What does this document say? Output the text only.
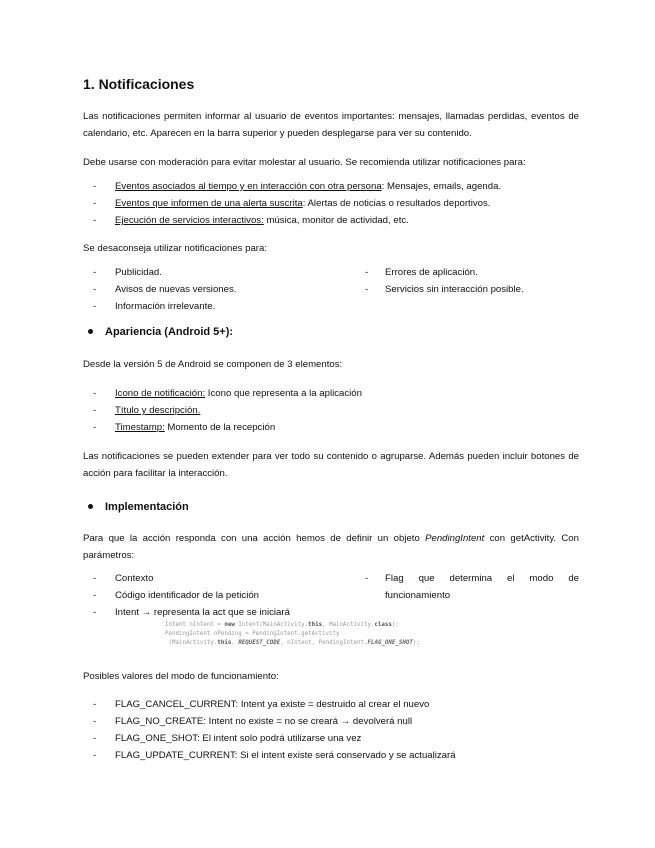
1. Notificaciones

Las notificaciones permiten informar al usuario de eventos importantes: mensajes, llamadas perdidas, eventos de calendario, etc. Aparecen en la barra superior y pueden desplegarse para ver su contenido.

Debe usarse con moderación para evitar molestar al usuario. Se recomienda utilizar notificaciones para:

- Eventos asociados al tiempo y en interacción con otra persona: Mensajes, emails, agenda.
- Eventos que informen de una alerta suscrita: Alertas de noticias o resultados deportivos.
- Ejecución de servicios interactivos: música, monitor de actividad, etc.

Se desaconseja utilizar notificaciones para:

- Publicidad.
- Avisos de nuevas versiones.
- Información irrelevante.
- Errores de aplicación.
- Servicios sin interacción posible.
Apariencia (Android 5+):

Desde la versión 5 de Android se componen de 3 elementos:

- Icono de notificación: Icono que representa a la aplicación
- Título y descripción.
- Timestamp: Momento de la recepción

Las notificaciones se pueden extender para ver todo su contenido o agruparse. Además pueden incluir botones de acción para facilitar la interacción.

Implementación

Para que la acción responda con una acción hemos de definir un objeto PendingIntent con getActivity. Con parámetros:

- Contexto
- Código identificador de la petición
- Intent → representa la act que se iniciará
- Flag que determina el modo de
funcionamiento
Intent nIntent = new Intent(MainActivity.this, MainActivity.class);
PendingIntent nPending = PendingIntent.getActivity
(MainActivity.this, REQUEST_CODE, nIntent, PendingIntent.FLAG_ONE_SHOT);

Posibles valores del modo de funcionamiento:

- FLAG_CANCEL_CURRENT: Intent ya existe = destruido al crear el nuevo
- FLAG_NO_CREATE: Intent no existe = no se creará → devolverá null
- FLAG_ONE_SHOT: El intent solo podrá utilizarse una vez
- FLAG_UPDATE_CURRENT: Si el intent existe será conservado y se actualizará
